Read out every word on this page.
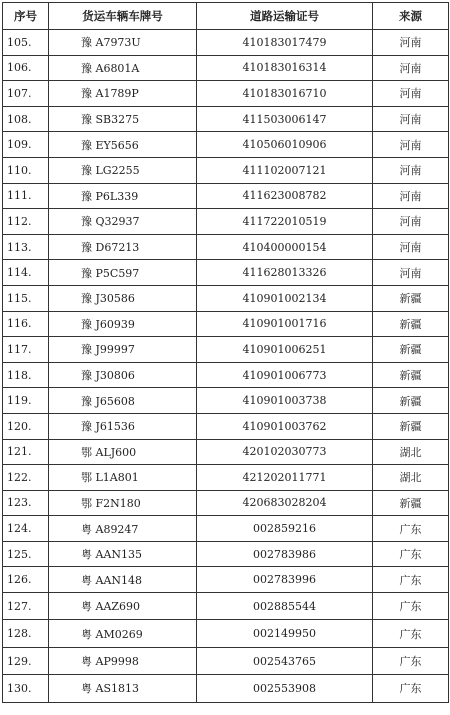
序号	货运车辆车牌号	道路运输证号	来源
105.	豫 A7973U	410183017479	河南
106.	豫 A6801A	410183016314	河南
107.	豫 A1789P	410183016710	河南
108.	豫 SB3275	411503006147	河南
109.	豫 EY5656	410506010906	河南
110.	豫 LG2255	411102007121	河南
111.	豫 P6L339	411623008782	河南
112.	豫 Q32937	411722010519	河南
113.	豫 D67213	410400000154	河南
114.	豫 P5C597	411628013326	河南
115.	豫 J30586	410901002134	新疆
116.	豫 J60939	410901001716	新疆
117.	豫 J99997	410901006251	新疆
118.	豫 J30806	410901006773	新疆
119.	豫 J65608	410901003738	新疆
120.	豫 J61536	410901003762	新疆
121.	鄂 ALJ600	420102030773	湖北
122.	鄂 L1A801	421202011771	湖北
123.	鄂 F2N180	420683028204	新疆
124.	粤 A89247	002859216	广东
125.	粤 AAN135	002783986	广东
126.	粤 AAN148	002783996	广东
127.	粤 AAZ690	002885544	广东
128.	粤 AM0269	002149950	广东
129.	粤 AP9998	002543765	广东
130.	粤 AS1813	002553908	广东
